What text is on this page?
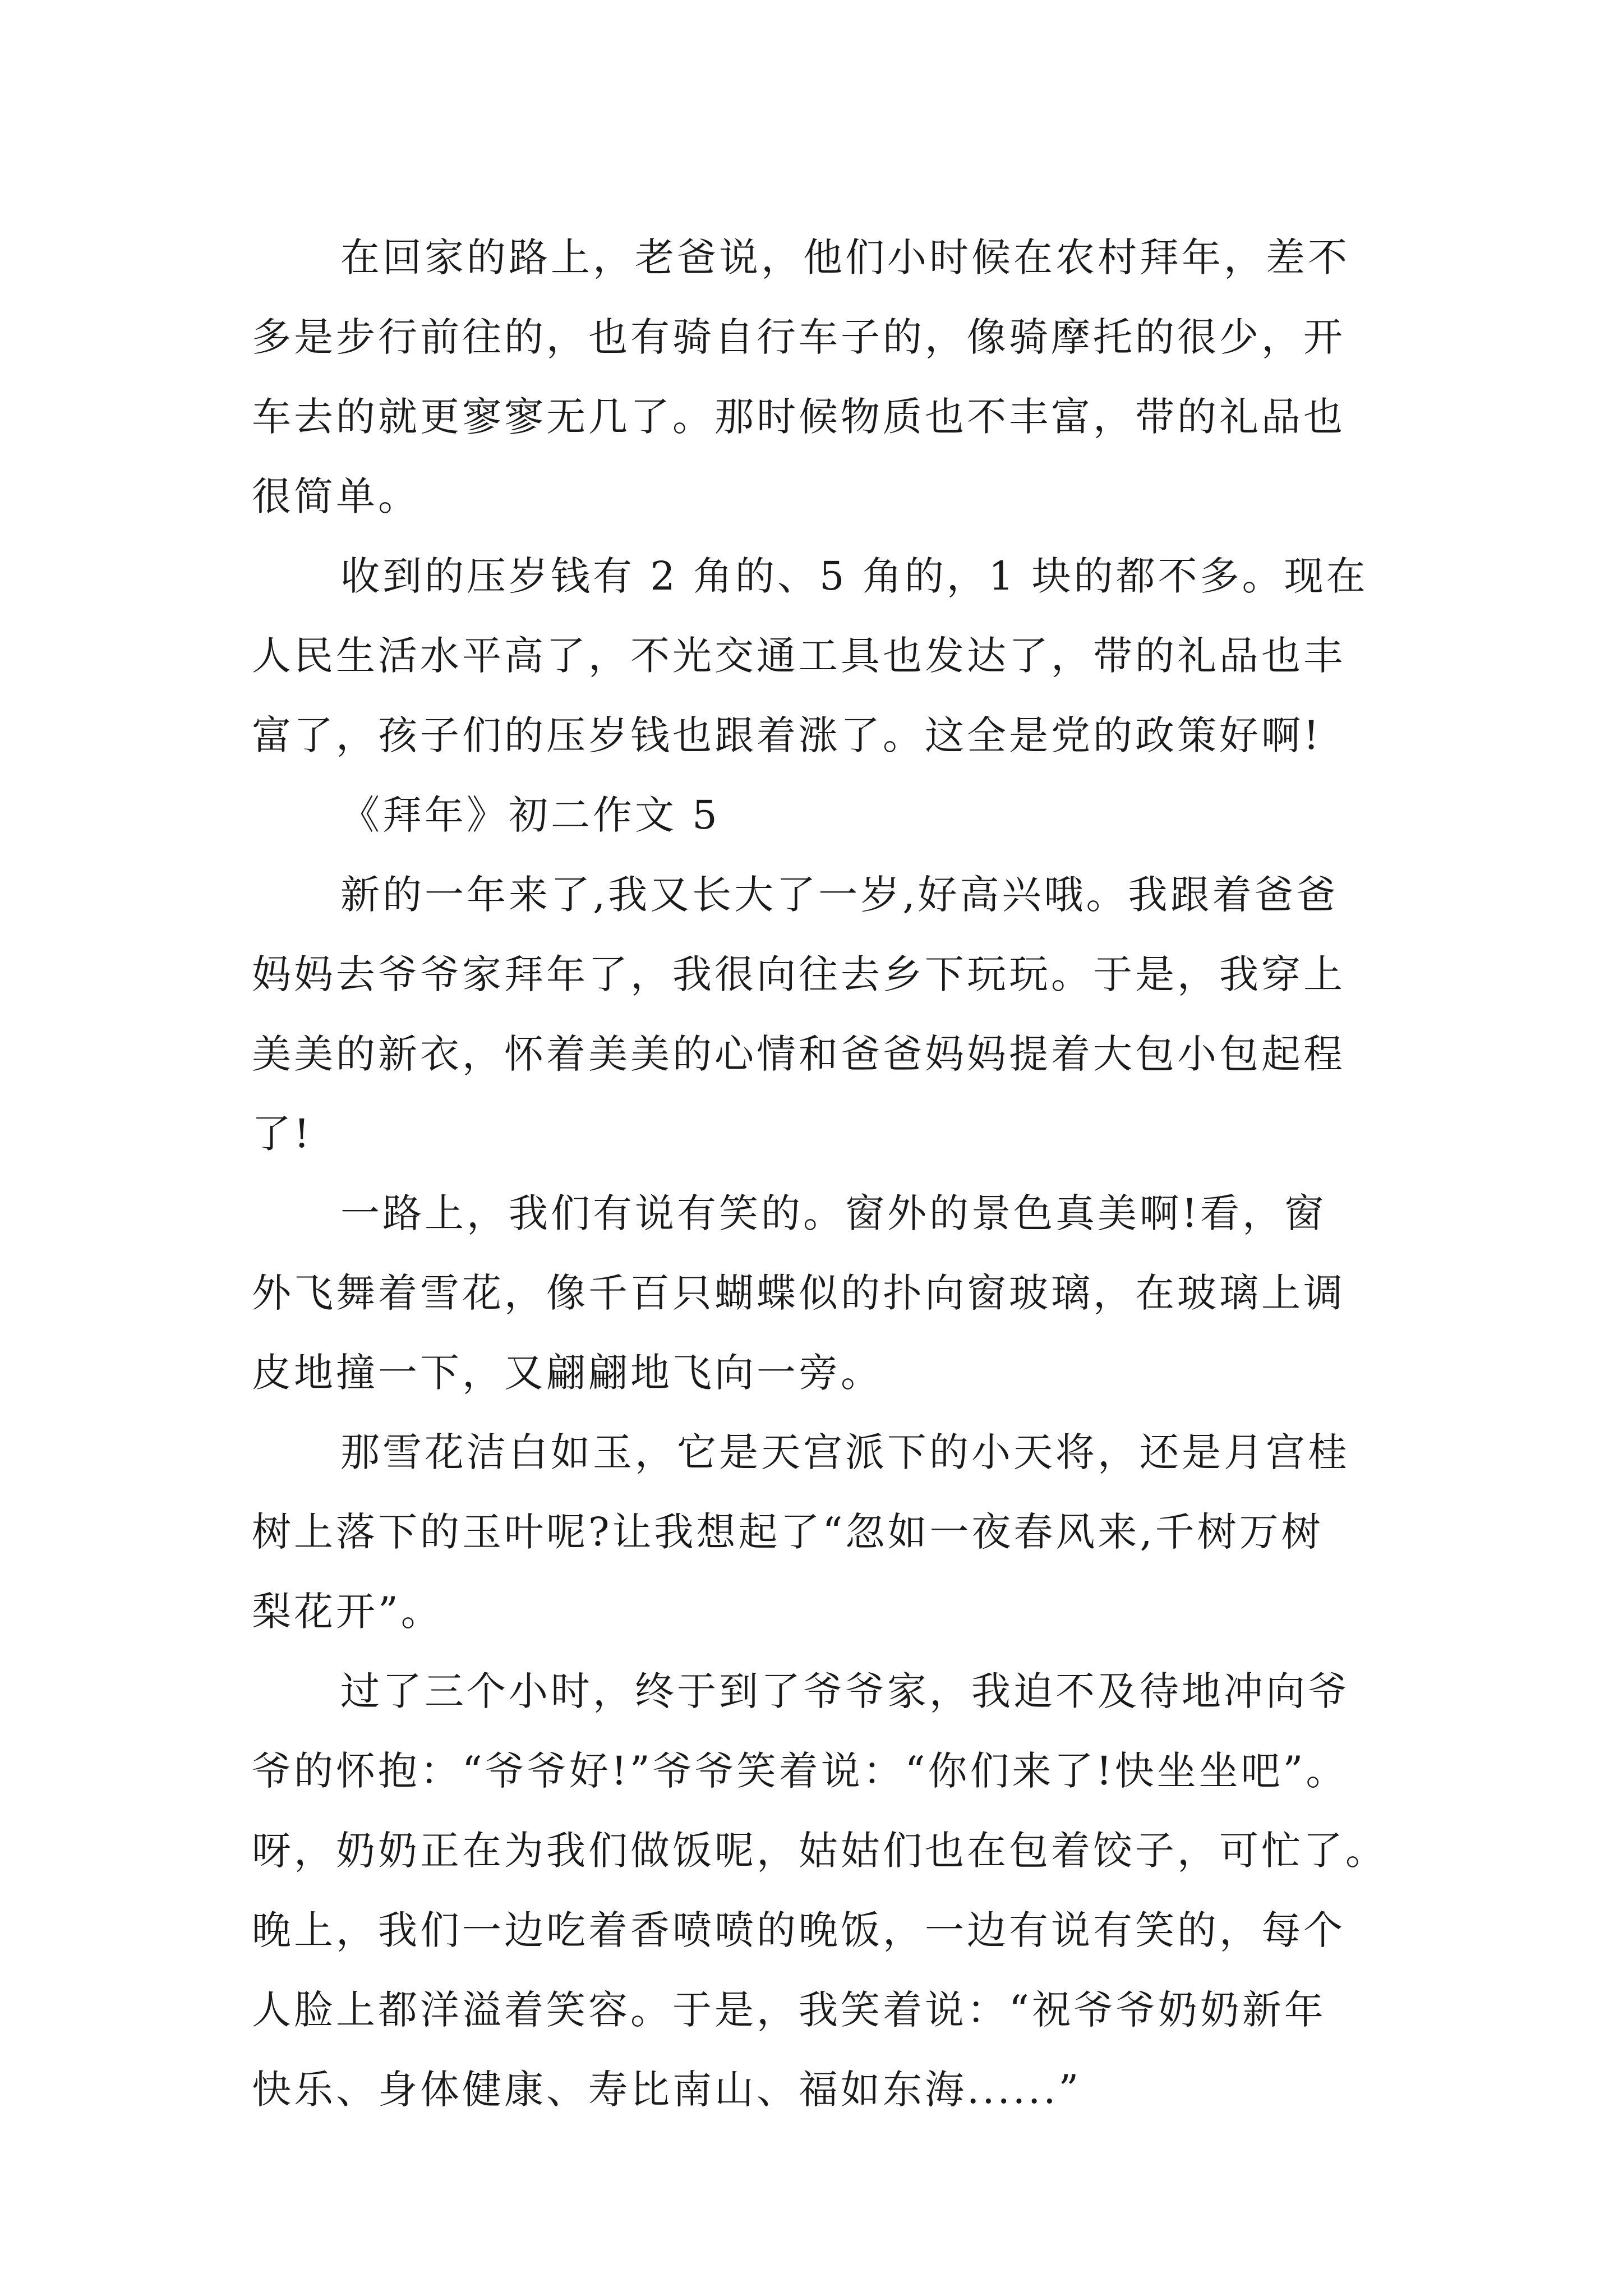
在回家的路上，老爸说，他们小时候在农村拜年，差不
多是步行前往的，也有骑自行车子的，像骑摩托的很少，开
车去的就更寥寥无几了。那时候物质也不丰富，带的礼品也
很简单。
收到的压岁钱有 2 角的、5 角的，1 块的都不多。现在
人民生活水平高了，不光交通工具也发达了，带的礼品也丰
富了，孩子们的压岁钱也跟着涨了。这全是党的政策好啊!
《拜年》初二作文 5
新的一年来了,我又长大了一岁,好高兴哦。我跟着爸爸
妈妈去爷爷家拜年了，我很向往去乡下玩玩。于是，我穿上
美美的新衣，怀着美美的心情和爸爸妈妈提着大包小包起程
了!
一路上，我们有说有笑的。窗外的景色真美啊!看，窗
外飞舞着雪花，像千百只蝴蝶似的扑向窗玻璃，在玻璃上调
皮地撞一下，又翩翩地飞向一旁。
那雪花洁白如玉，它是天宫派下的小天将，还是月宫桂
树上落下的玉叶呢?让我想起了“忽如一夜春风来,千树万树
梨花开”。
过了三个小时，终于到了爷爷家，我迫不及待地冲向爷
爷的怀抱：“爷爷好!”爷爷笑着说：“你们来了!快坐坐吧”。
呀，奶奶正在为我们做饭呢，姑姑们也在包着饺子，可忙了。
晚上，我们一边吃着香喷喷的晚饭，一边有说有笑的，每个
人脸上都洋溢着笑容。于是，我笑着说：“祝爷爷奶奶新年
快乐、身体健康、寿比南山、福如东海......”
